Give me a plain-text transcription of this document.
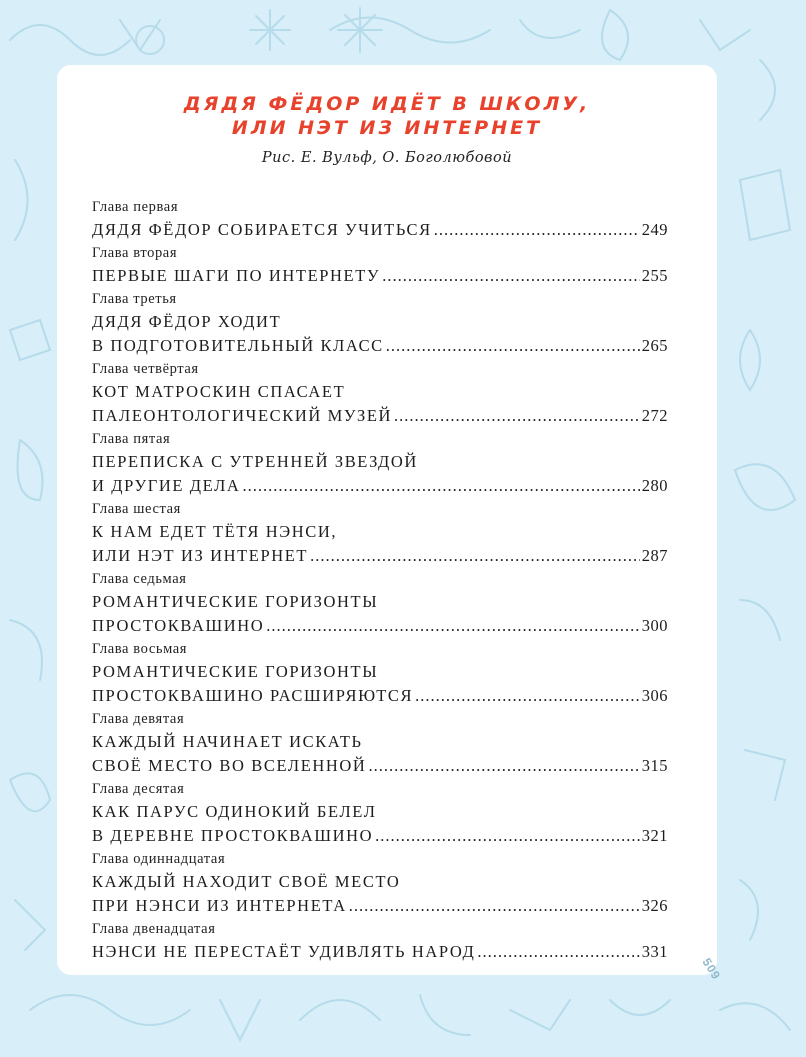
ДЯДЯ ФЁДОР ИДЁТ В ШКОЛУ,
ИЛИ НЭТ ИЗ ИНТЕРНЕТ
Рис. Е. Вульф, О. Боголюбовой
Глава первая
ДЯДЯ ФЁДОР СОБИРАЕТСЯ УЧИТЬСЯ .....	249
Глава вторая
ПЕРВЫЕ ШАГИ ПО ИНТЕРНЕТУ .....	255
Глава третья
ДЯДЯ ФЁДОР ХОДИТ
В ПОДГОТОВИТЕЛЬНЫЙ КЛАСС .....	265
Глава четвёртая
КОТ МАТРОСКИН СПАСАЕТ
ПАЛЕОНТОЛОГИЧЕСКИЙ МУЗЕЙ .....	272
Глава пятая
ПЕРЕПИСКА С УТРЕННЕЙ ЗВЕЗДОЙ
И ДРУГИЕ ДЕЛА .....	280
Глава шестая
К НАМ ЕДЕТ ТЁТЯ НЭНСИ,
ИЛИ НЭТ ИЗ ИНТЕРНЕТ .....	287
Глава седьмая
РОМАНТИЧЕСКИЕ ГОРИЗОНТЫ
ПРОСТОКВАШИНО .....	300
Глава восьмая
РОМАНТИЧЕСКИЕ ГОРИЗОНТЫ
ПРОСТОКВАШИНО РАСШИРЯЮТСЯ .....	306
Глава девятая
КАЖДЫЙ НАЧИНАЕТ ИСКАТЬ
СВОЁ МЕСТО ВО ВСЕЛЕННОЙ .....	315
Глава десятая
КАК ПАРУС ОДИНОКИЙ БЕЛЕЛ
В ДЕРЕВНЕ ПРОСТОКВАШИНО .....	321
Глава одиннадцатая
КАЖДЫЙ НАХОДИТ СВОЁ МЕСТО
ПРИ НЭНСИ ИЗ ИНТЕРНЕТА .....	326
Глава двенадцатая
НЭНСИ НЕ ПЕРЕСТАЁТ УДИВЛЯТЬ НАРОД .....	331
509
